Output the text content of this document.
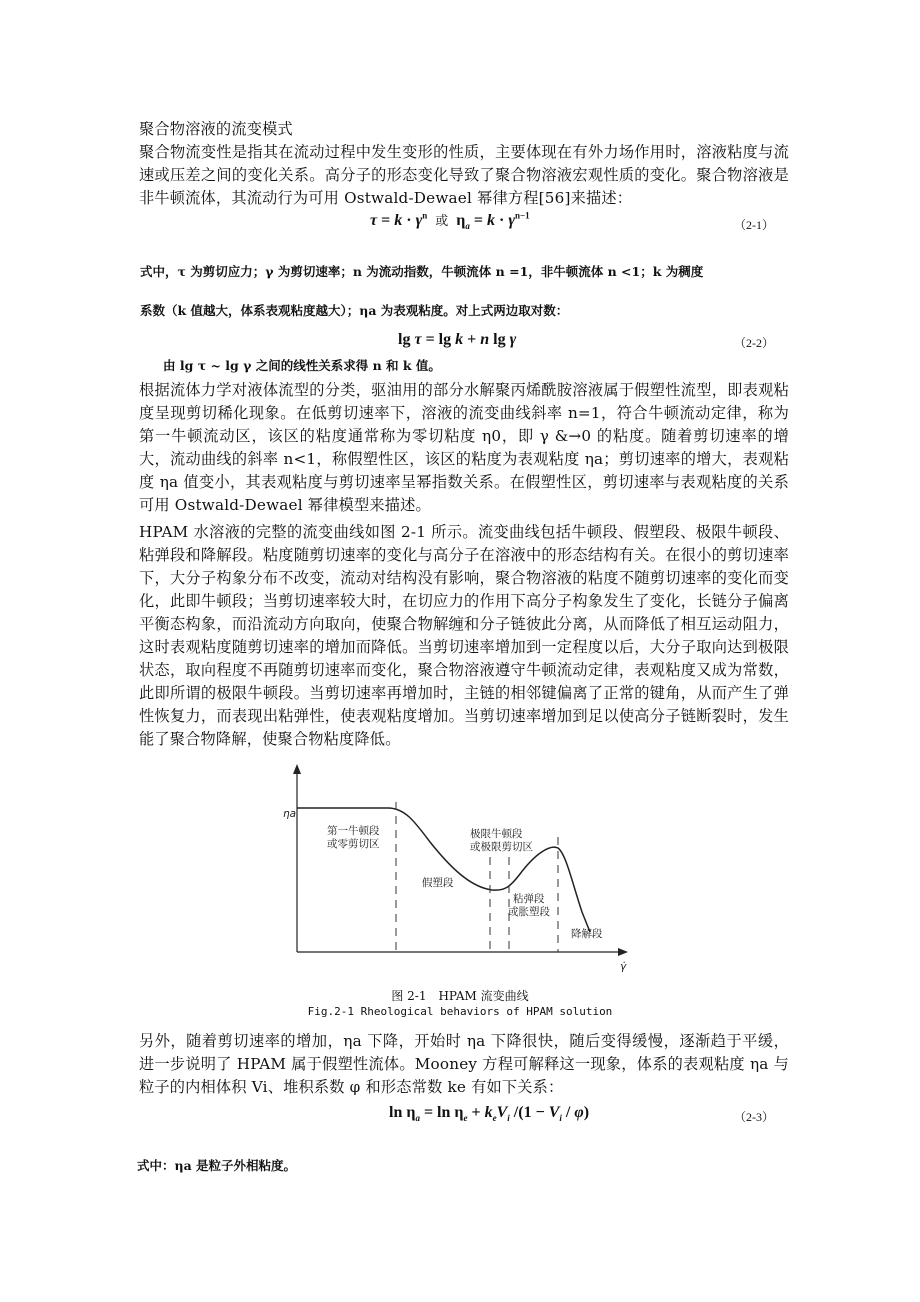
聚合物溶液的流变模式
聚合物流变性是指其在流动过程中发生变形的性质，主要体现在有外力场作用时，溶液粘度与流速或压差之间的变化关系。高分子的形态变化导致了聚合物溶液宏观性质的变化。聚合物溶液是非牛顿流体，其流动行为可用 Ostwald-Dewael 幂律方程[56]来描述：
$\tau = k \cdot \gamma^n$ 或  $\eta_a = k \cdot \gamma^{n-1}$
（2-1）
式中，τ 为剪切应力；γ 为剪切速率；n 为流动指数，牛顿流体 n =1，非牛顿流体 n <1；k 为稠度
系数（k 值越大，体系表观粘度越大）；ηa 为表观粘度。对上式两边取对数：
lg τ = lg k + n lg γ	（2-2）
由 lg τ ~ lg γ 之间的线性关系求得 n 和 k 值。
根据流体力学对液体流型的分类，驱油用的部分水解聚丙烯酰胺溶液属于假塑性流型，即表观粘度呈现剪切稀化现象。在低剪切速率下，溶液的流变曲线斜率 n=1，符合牛顿流动定律，称为第一牛顿流动区，该区的粘度通常称为零切粘度 η0，即 γ &→0 的粘度。随着剪切速率的增大，流动曲线的斜率 n<1，称假塑性区，该区的粘度为表观粘度 ηa；剪切速率的增大，表观粘度 ηa 值变小，其表观粘度与剪切速率呈幂指数关系。在假塑性区，剪切速率与表观粘度的关系可用 Ostwald-Dewael 幂律模型来描述。
HPAM 水溶液的完整的流变曲线如图 2-1 所示。流变曲线包括牛顿段、假塑段、极限牛顿段、粘弹段和降解段。粘度随剪切速率的变化与高分子在溶液中的形态结构有关。在很小的剪切速率下，大分子构象分布不改变，流动对结构没有影响，聚合物溶液的粘度不随剪切速率的变化而变化，此即牛顿段；当剪切速率较大时，在切应力的作用下高分子构象发生了变化，长链分子偏离平衡态构象，而沿流动方向取向，使聚合物解缠和分子链彼此分离，从而降低了相互运动阻力，这时表观粘度随剪切速率的增加而降低。当剪切速率增加到一定程度以后，大分子取向达到极限状态，取向程度不再随剪切速率而变化，聚合物溶液遵守牛顿流动定律，表观粘度又成为常数，此即所谓的极限牛顿段。当剪切速率再增加时，主链的相邻键偏离了正常的键角，从而产生了弹性恢复力，而表现出粘弹性，使表观粘度增加。当剪切速率增加到足以使高分子链断裂时，发生能了聚合物降解，使聚合物粘度降低。
ηa
γ̇
第一牛顿段
或零剪切区
假塑段
极限牛顿段
或极限剪切区
粘弹段
或胀塑段
降解段
图 2-1　HPAM 流变曲线
Fig.2-1 Rheological behaviors of HPAM solution
另外，随着剪切速率的增加，ηa 下降，开始时 ηa 下降很快，随后变得缓慢，逐渐趋于平缓，进一步说明了 HPAM 属于假塑性流体。Mooney 方程可解释这一现象，体系的表观粘度 ηa 与粒子的内相体积 Vi、堆积系数 φ 和形态常数 ke 有如下关系：
$\ln \eta_a = \ln \eta_e + k_eV_i$ $/(1 - V_i / \varphi)$	（2-3）
式中：ηa 是粒子外相粘度。
